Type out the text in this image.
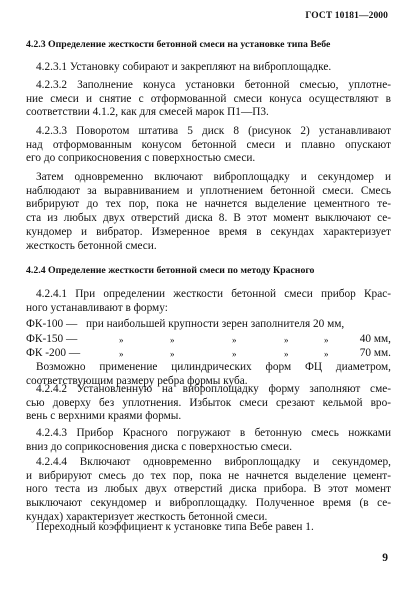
ГОСТ 10181—2000
4.2.3 Определение жесткости бетонной смеси на установке типа Вебе
4.2.3.1 Установку собирают и закрепляют на виброплощадке.
4.2.3.2 Заполнение конуса установки бетонной смесью, уплотне-
ние смеси и снятие с отформованной смеси конуса осуществляют в
соответствии 4.1.2, как для смесей марок П1—П3.
4.2.3.3 Поворотом штатива 5 диск 8 (рисунок 2) устанавливают
над отформованным конусом бетонной смеси и плавно опускают
его до соприкосновения с поверхностью смеси.
Затем одновременно включают виброплощадку и секундомер и
наблюдают за выравниванием и уплотнением бетонной смеси. Смесь
вибрируют до тех пор, пока не начнется выделение цементного те-
ста из любых двух отверстий диска 8. В этот момент выключают се-
кундомер и вибратор. Измеренное время в секундах характеризует
жесткость бетонной смеси.
4.2.4 Определение жесткости бетонной смеси по методу Красного
4.2.4.1 При определении жесткости бетонной смеси прибор Крас-
ного устанавливают в форму:
ФК-100 — при наибольшей крупности зерен заполнителя 20 мм,
ФК-150 —	»	»	»	»	»	40 мм,
ФК -200 —	»	»	»	»	»	70 мм.
Возможно применение цилиндрических форм ФЦ диаметром,
соответствующим размеру ребра формы куба.
4.2.4.2 Установленную на виброплощадку форму заполняют сме-
сью доверху без уплотнения. Избыток смеси срезают кельмой вро-
вень с верхними краями формы.
4.2.4.3 Прибор Красного погружают в бетонную смесь ножками
вниз до соприкосновения диска с поверхностью смеси.
4.2.4.4 Включают одновременно виброплощадку и секундомер,
и вибрируют смесь до тех пор, пока не начнется выделение цемент-
ного теста из любых двух отверстий диска прибора. В этот момент
выключают секундомер и виброплощадку. Полученное время (в се-
кундах) характеризует жесткость бетонной смеси.
Переходный коэффициент к установке типа Вебе равен 1.
9
